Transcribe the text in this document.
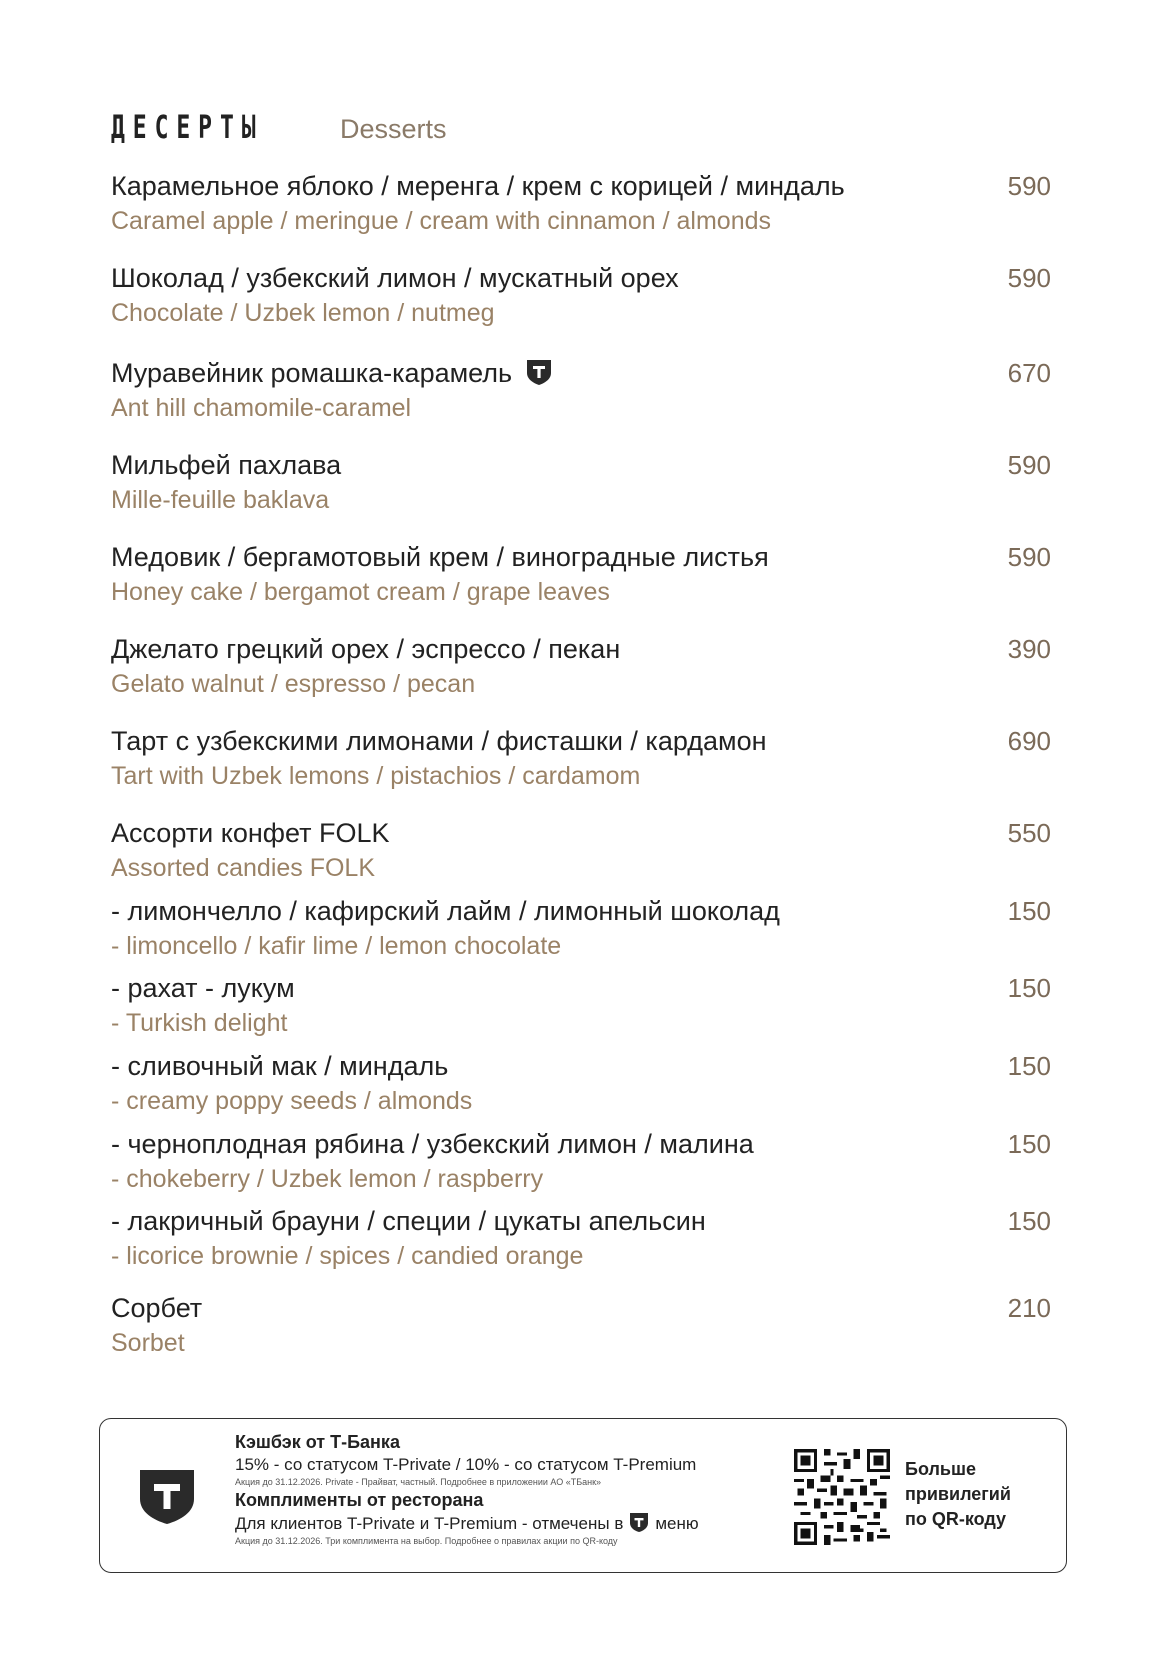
ДЕСЕРТЫ	Desserts
Карамельное яблоко / меренга / крем с корицей / миндаль
Caramel apple / meringue / cream with cinnamon / almonds
590
Шоколад / узбекский лимон / мускатный орех
Chocolate / Uzbek lemon / nutmeg
590
Муравейник ромашка-карамель
Ant hill chamomile-caramel
670
Мильфей пахлава
Mille-feuille baklava
590
Медовик / бергамотовый крем / виноградные листья
Honey cake / bergamot cream / grape leaves
590
Джелато грецкий орех / эспрессо / пекан
Gelato walnut / espresso / pecan
390
Тарт с узбекскими лимонами / фисташки / кардамон
Tart with Uzbek lemons / pistachios / cardamom
690
Ассорти конфет FOLK
Assorted candies FOLK
550
- лимончелло / кафирский лайм / лимонный шоколад
- limoncello / kafir lime / lemon chocolate
150
- рахат - лукум
- Turkish delight
150
- сливочный мак / миндаль
- creamy poppy seeds / almonds
150
- черноплодная рябина / узбекский лимон / малина
- chokeberry / Uzbek lemon / raspberry
150
- лакричный брауни / специи / цукаты апельсин
- licorice brownie / spices / candied orange
150
Сорбет
Sorbet
210
Кэшбэк от Т-Банка
15% - со статусом T-Private / 10% - со статусом T-Premium
Акция до 31.12.2026. Private - Прайват, частный. Подробнее в приложении АО «ТБанк»
Комплименты от ресторана
Для клиентов T-Private и T-Premium - отмечены в меню
Акция до 31.12.2026. Три комплимента на выбор. Подробнее о правилах акции по QR-коду
Больше
привилегий
по QR-коду
